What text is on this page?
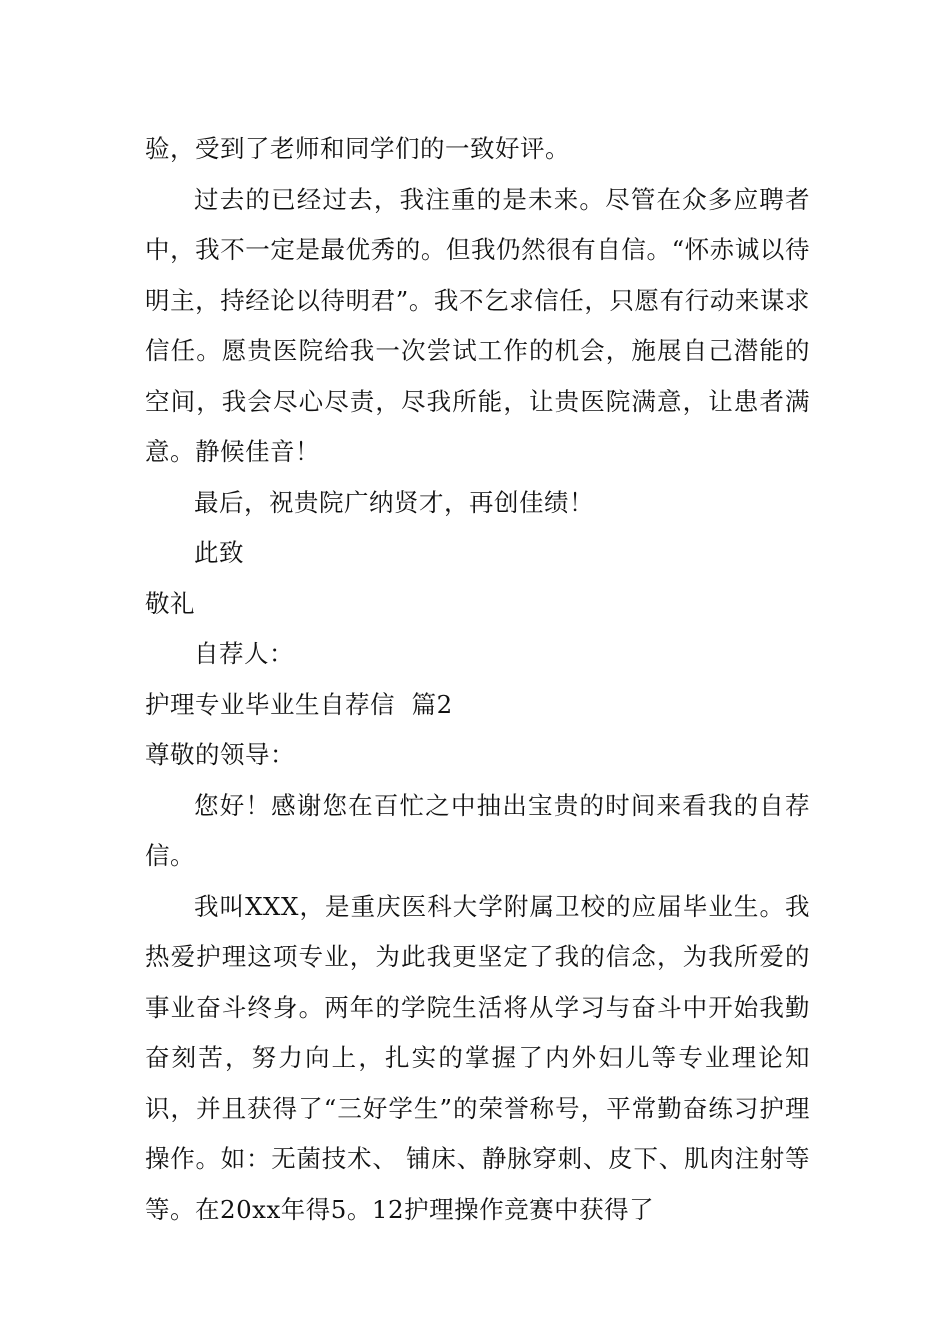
验，受到了老师和同学们的一致好评。

过去的已经过去，我注重的是未来。尽管在众多应聘者中，我不一定是最优秀的。但我仍然很有自信。“怀赤诚以待明主，持经论以待明君”。我不乞求信任，只愿有行动来谋求信任。愿贵医院给我一次尝试工作的机会，施展自己潜能的空间，我会尽心尽责，尽我所能，让贵医院满意，让患者满意。静候佳音！

最后，祝贵院广纳贤才，再创佳绩！

此致

敬礼

自荐人：

护理专业毕业生自荐信  篇2

尊敬的领导：

您好！感谢您在百忙之中抽出宝贵的时间来看我的自荐信。

我叫XXX，是重庆医科大学附属卫校的应届毕业生。我热爱护理这项专业，为此我更坚定了我的信念，为我所爱的事业奋斗终身。两年的学院生活将从学习与奋斗中开始我勤奋刻苦，努力向上，扎实的掌握了内外妇儿等专业理论知识，并且获得了“三好学生”的荣誉称号，平常勤奋练习护理操作。如：无菌技术、 铺床、静脉穿刺、皮下、肌肉注射等等。在20xx年得5。12护理操作竞赛中获得了
